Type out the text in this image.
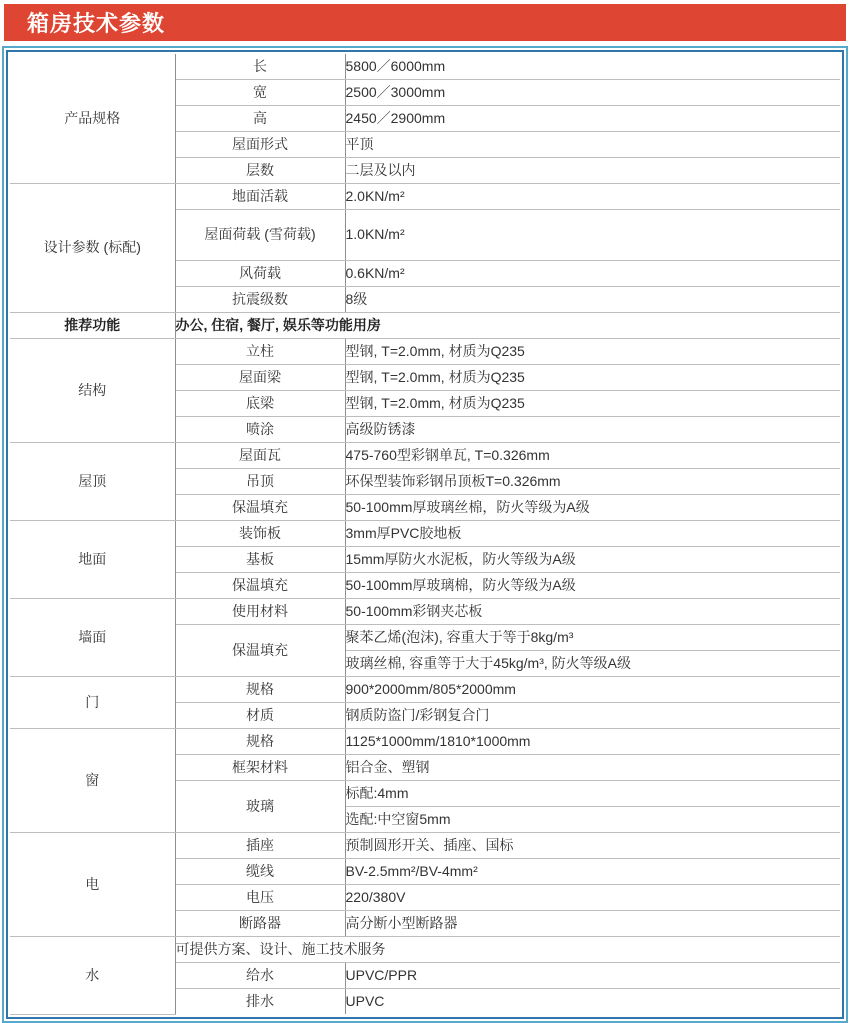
箱房技术参数
产品规格	长	5800／6000mm
	宽	2500／3000mm
	高	2450／2900mm
	屋面形式	平顶
	层数	二层及以内
设计参数 (标配)	地面活载	2.0KN/m²
	屋面荷载 (雪荷载)	1.0KN/m²
	风荷载	0.6KN/m²
	抗震级数	8级
推荐功能	办公, 住宿, 餐厅, 娱乐等功能用房	
结构	立柱	型钢, T=2.0mm, 材质为Q235
	屋面梁	型钢, T=2.0mm, 材质为Q235
	底梁	型钢, T=2.0mm, 材质为Q235
	喷涂	高级防锈漆
屋顶	屋面瓦	475-760型彩钢单瓦, T=0.326mm
	吊顶	环保型装饰彩钢吊顶板T=0.326mm
	保温填充	50-100mm厚玻璃丝棉，防火等级为A级
地面	装饰板	3mm厚PVC胶地板
	基板	15mm厚防火水泥板，防火等级为A级
	保温填充	50-100mm厚玻璃棉，防火等级为A级
墙面	使用材料	50-100mm彩钢夹芯板
	保温填充	聚苯乙烯(泡沫), 容重大于等于8kg/m³
		玻璃丝棉, 容重等于大于45kg/m³, 防火等级A级
门	规格	900*2000mm/805*2000mm
	材质	钢质防盗门/彩钢复合门
窗	规格	1125*1000mm/1810*1000mm
	框架材料	铝合金、塑钢
	玻璃	标配:4mm
		选配:中空窗5mm
电	插座	预制圆形开关、插座、国标
	缆线	BV-2.5mm²/BV-4mm²
	电压	220/380V
	断路器	高分断小型断路器
水	可提供方案、设计、施工技术服务	
	给水	UPVC/PPR
	排水	UPVC
